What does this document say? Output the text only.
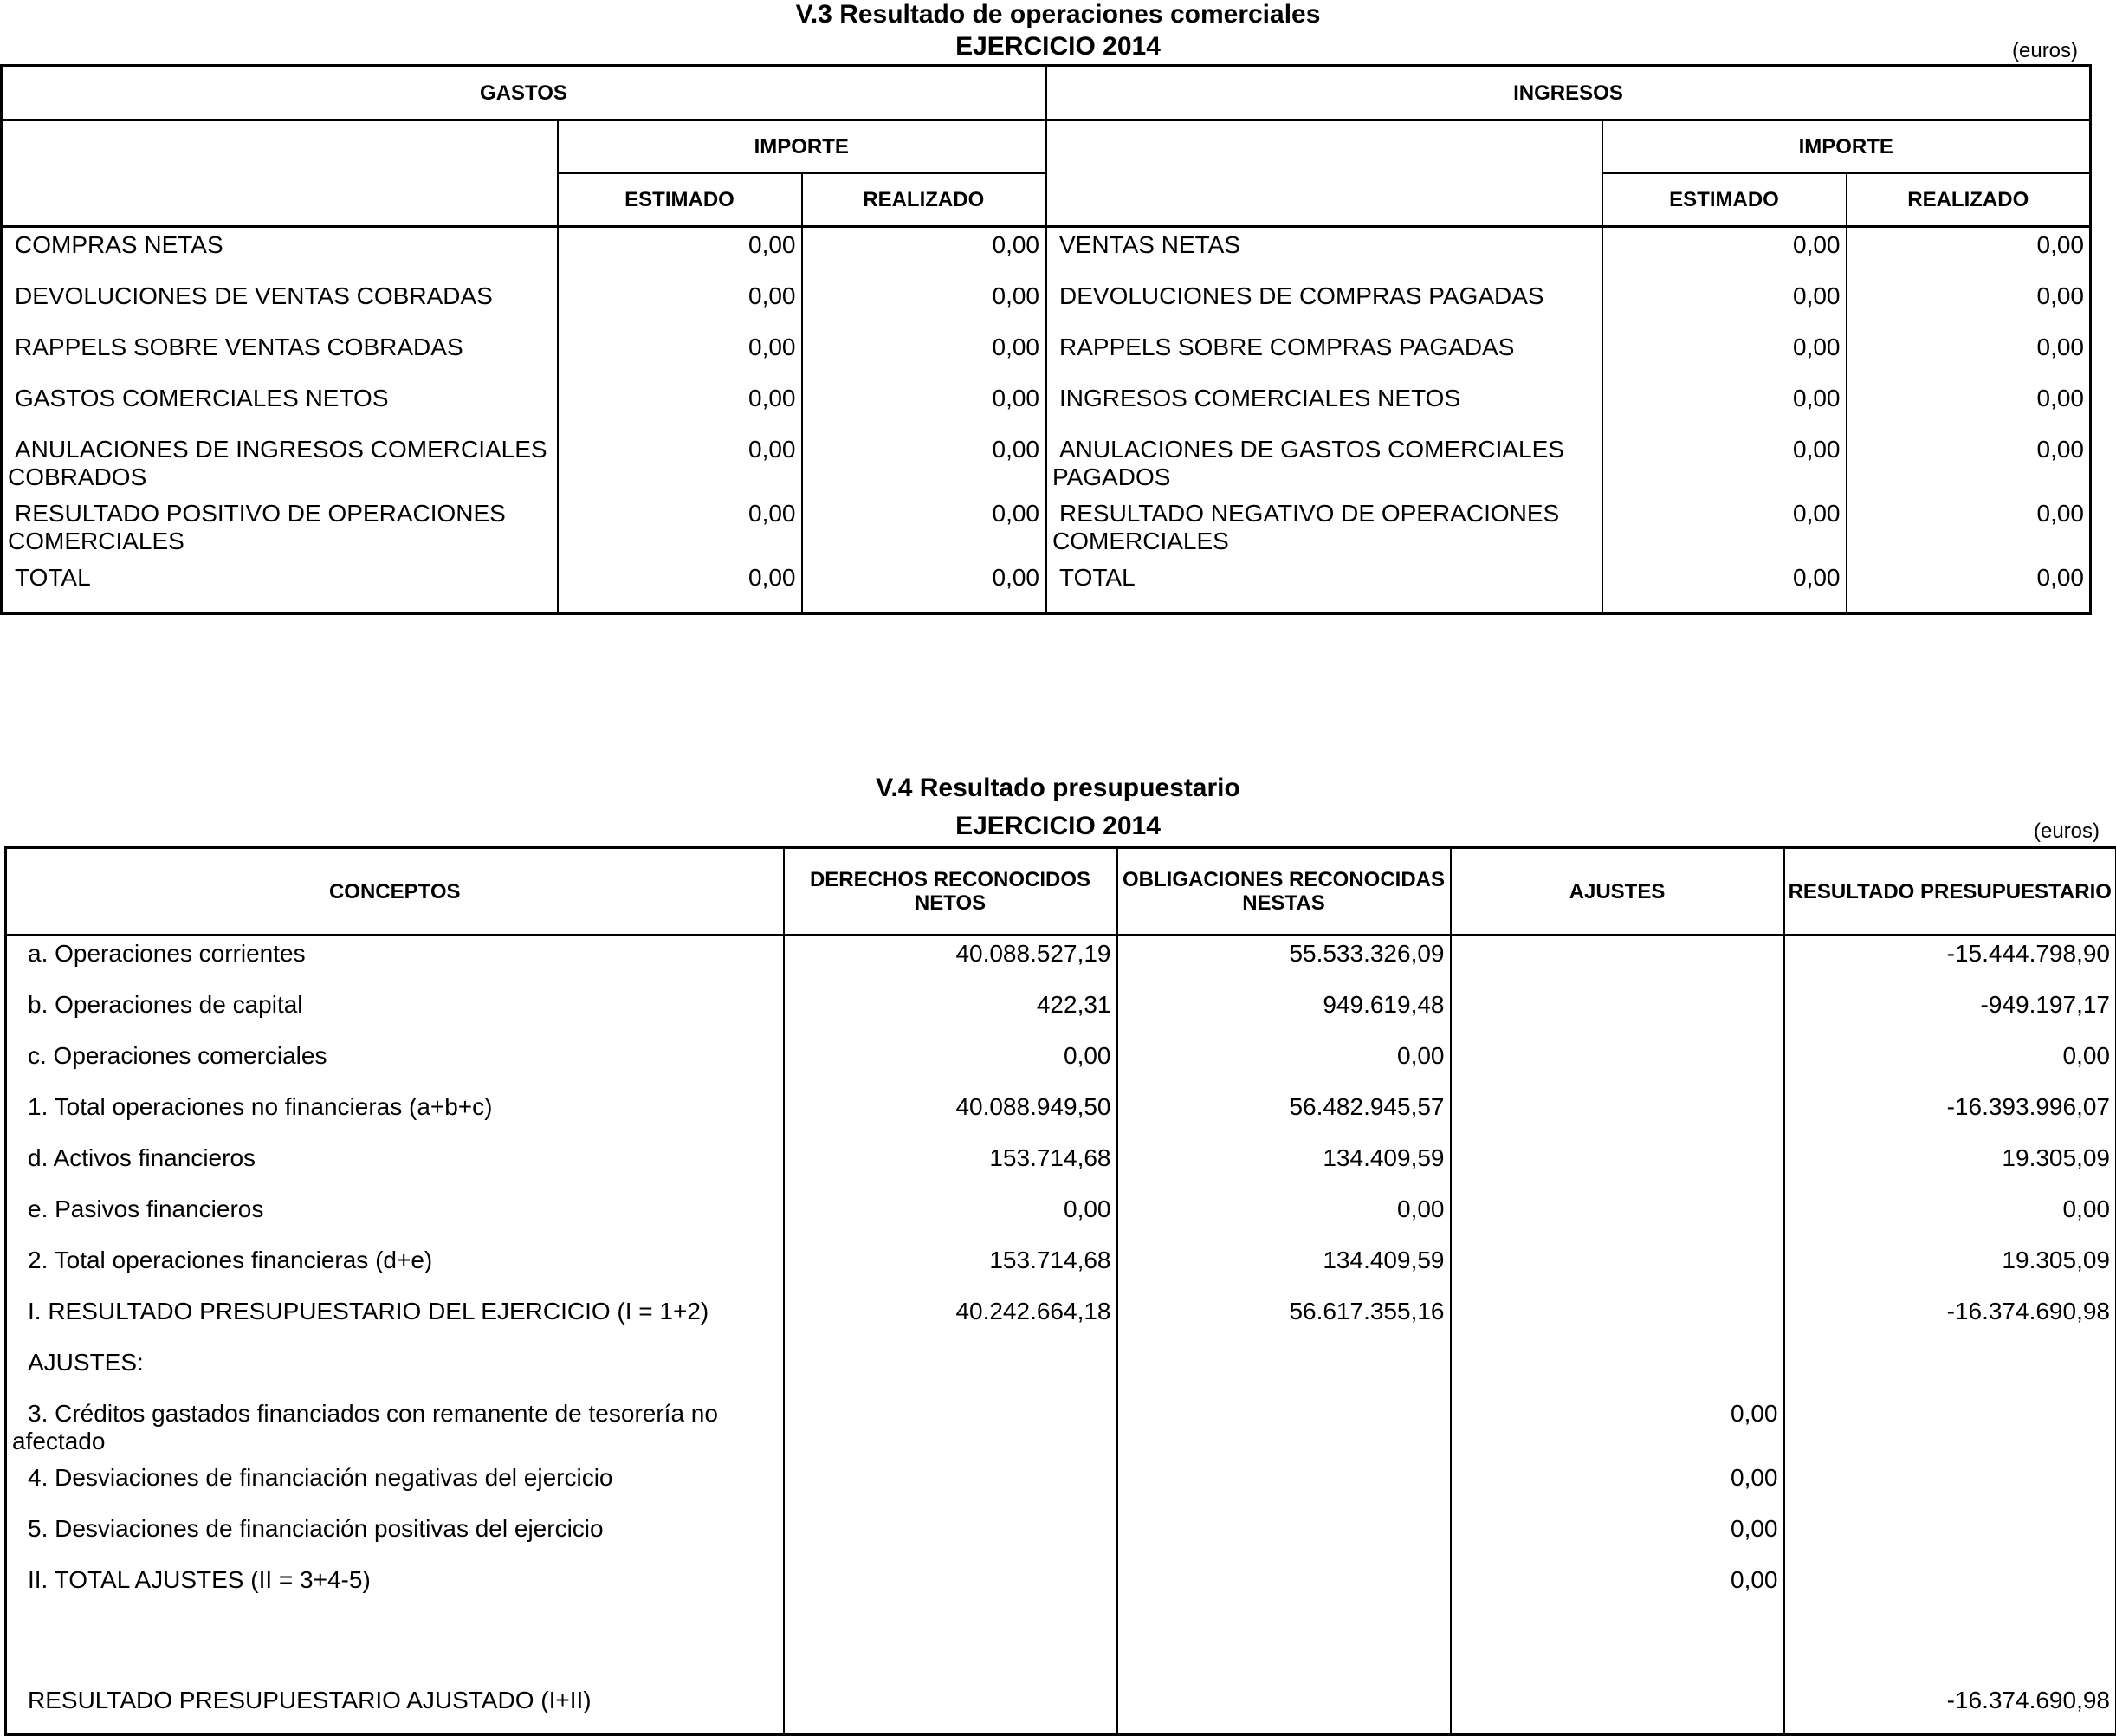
V.3 Resultado de operaciones comerciales
EJERCICIO 2014	(euros)
GASTOS			INGRESOS		
	IMPORTE			IMPORTE	
	ESTIMADO	REALIZADO		ESTIMADO	REALIZADO
COMPRAS NETAS	0,00	0,00	VENTAS NETAS	0,00	0,00
DEVOLUCIONES DE VENTAS COBRADAS	0,00	0,00	DEVOLUCIONES DE COMPRAS PAGADAS	0,00	0,00
RAPPELS SOBRE VENTAS COBRADAS	0,00	0,00	RAPPELS SOBRE COMPRAS PAGADAS	0,00	0,00
GASTOS COMERCIALES NETOS	0,00	0,00	INGRESOS COMERCIALES NETOS	0,00	0,00
ANULACIONES DE INGRESOS COMERCIALES COBRADOS	0,00	0,00	ANULACIONES DE GASTOS COMERCIALES PAGADOS	0,00	0,00
RESULTADO POSITIVO DE OPERACIONES COMERCIALES	0,00	0,00	RESULTADO NEGATIVO DE OPERACIONES COMERCIALES	0,00	0,00
TOTAL	0,00	0,00	TOTAL	0,00	0,00
V.4 Resultado presupuestario
EJERCICIO 2014	(euros)
CONCEPTOS	DERECHOS RECONOCIDOS NETOS	OBLIGACIONES RECONOCIDAS NESTAS	AJUSTES	RESULTADO PRESUPUESTARIO
a. Operaciones corrientes	40.088.527,19	55.533.326,09		-15.444.798,90
b. Operaciones de capital	422,31	949.619,48		-949.197,17
c. Operaciones comerciales	0,00	0,00		0,00
1. Total operaciones no financieras (a+b+c)	40.088.949,50	56.482.945,57		-16.393.996,07
d. Activos financieros	153.714,68	134.409,59		19.305,09
e. Pasivos financieros	0,00	0,00		0,00
2. Total operaciones financieras (d+e)	153.714,68	134.409,59		19.305,09
I. RESULTADO PRESUPUESTARIO DEL EJERCICIO (I = 1+2)	40.242.664,18	56.617.355,16		-16.374.690,98
AJUSTES:				
3. Créditos gastados financiados con remanente de tesorería no afectado			0,00	
4. Desviaciones de financiación negativas del ejercicio			0,00	
5. Desviaciones de financiación positivas del ejercicio			0,00	
II. TOTAL AJUSTES (II = 3+4-5)			0,00	

RESULTADO PRESUPUESTARIO AJUSTADO (I+II)				-16.374.690,98
